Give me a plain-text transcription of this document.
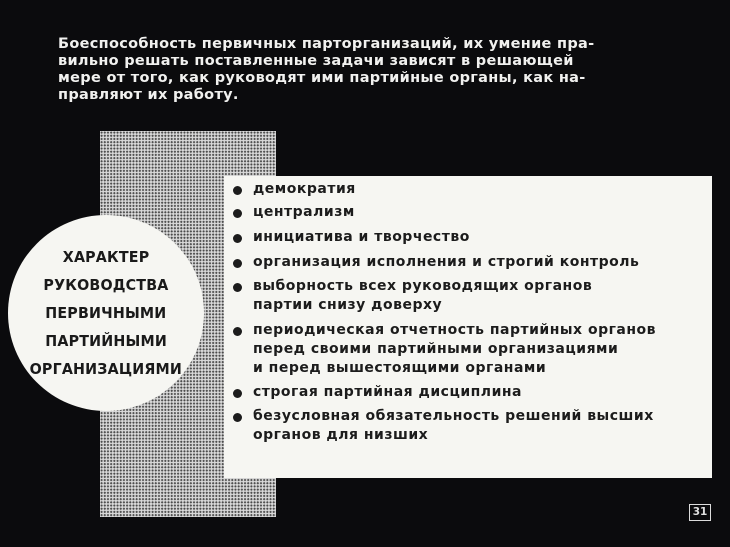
Боеспособность первичных парторганизаций, их умение пра-
вильно решать поставленные задачи зависят в решающей
мере от того, как руководят ими партийные органы, как на-
правляют их работу.

демократия
централизм
инициатива и творчество
организация исполнения и строгий контроль
выборность всех руководящих органов
партии снизу доверху
периодическая отчетность партийных органов
перед своими партийными организациями
и перед вышестоящими органами
строгая партийная дисциплина
безусловная обязательность решений высших
органов для низших
ХАРАКТЕР
РУКОВОДСТВА
ПЕРВИЧНЫМИ
ПАРТИЙНЫМИ
ОРГАНИЗАЦИЯМИ
31
